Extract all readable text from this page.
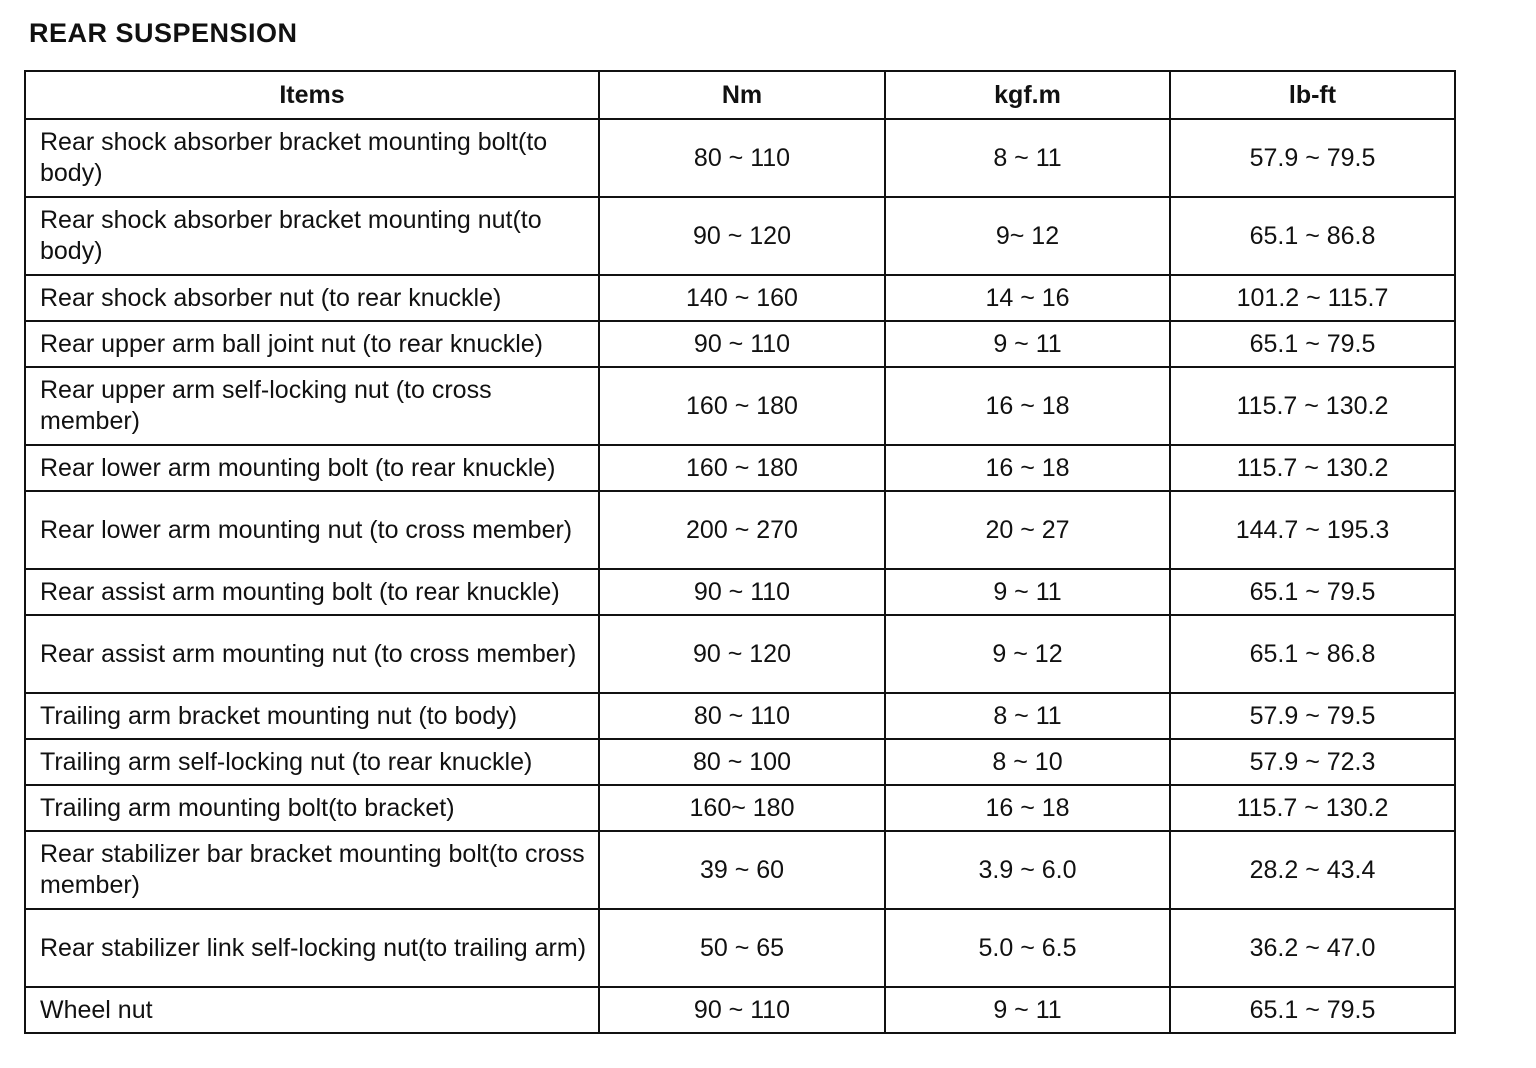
REAR SUSPENSION
Items	Nm	kgf.m	lb-ft
Rear shock absorber bracket mounting bolt(to body)	80 ~ 110	8 ~ 11	57.9 ~ 79.5
Rear shock absorber bracket mounting nut(to body)	90 ~ 120	9~ 12	65.1 ~ 86.8
Rear shock absorber nut (to rear knuckle)	140 ~ 160	14 ~ 16	101.2 ~ 115.7
Rear upper arm ball joint nut (to rear knuckle)	90 ~ 110	9 ~ 11	65.1 ~ 79.5
Rear upper arm self-locking nut (to cross member)	160 ~ 180	16 ~ 18	115.7 ~ 130.2
Rear lower arm mounting bolt (to rear knuckle)	160 ~ 180	16 ~ 18	115.7 ~ 130.2
Rear lower arm mounting nut (to cross member)	200 ~ 270	20 ~ 27	144.7 ~ 195.3
Rear assist arm mounting bolt (to rear knuckle)	90 ~ 110	9 ~ 11	65.1 ~ 79.5
Rear assist arm mounting nut (to cross member)	90 ~ 120	9 ~ 12	65.1 ~ 86.8
Trailing arm bracket mounting nut (to body)	80 ~ 110	8 ~ 11	57.9 ~ 79.5
Trailing arm self-locking nut (to rear knuckle)	80 ~ 100	8 ~ 10	57.9 ~ 72.3
Trailing arm mounting bolt(to bracket)	160~ 180	16 ~ 18	115.7 ~ 130.2
Rear stabilizer bar bracket mounting bolt(to cross member)	39 ~ 60	3.9 ~ 6.0	28.2 ~ 43.4
Rear stabilizer link self-locking nut(to trailing arm)	50 ~ 65	5.0 ~ 6.5	36.2 ~ 47.0
Wheel nut	90 ~ 110	9 ~ 11	65.1 ~ 79.5
